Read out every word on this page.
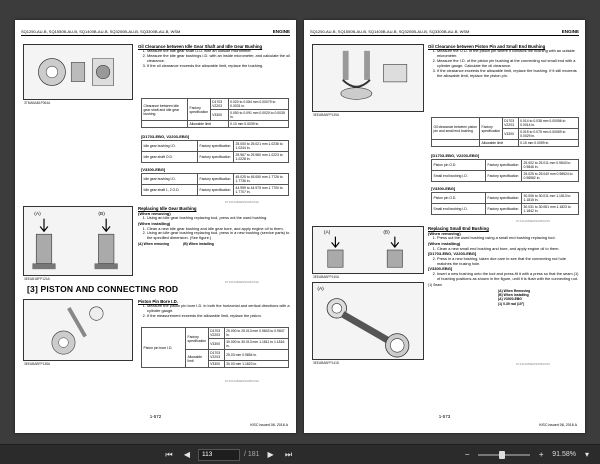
SQ1250-AU-B, SQ1550B-AU-B, SQ1400B-AU-B, SQ3200B-AU-B, SQ3300B-AU-B, WSM	ENGINE
3TMABAB1P064A
Oil Clearance between Idle Gear Shaft and Idle Gear Bushing
1. Measure the idle gear shaft O.D. with an outside micrometer.
2. Measure the idle gear bushings I.D. with an inside micrometer, and calculate the oil clearance.
3. If the oil clearance exceeds the allowable limit, replace the bushing.
Clearance between idle gear shaft and idle gear bushing	Factory specification	D1703 V2203	0.020 to 0.084 mm 0.00079 to 0.0031 in.
		V3300	0.050 to 0.091 mm 0.0020 to 0.0035 in.
	Allowable limit		0.10 mm 0.0039 in.
[D1703-EBG, V2203-EBG]
Idle gear bushing I.D.	Factory specification	25.000 to 25.021 mm 1.0236 to 1.0244 in.
Idle gear shaft O.D.	Factory specification	25.967 to 25.980 mm 1.0223 to 1.0228 in.
[V3300-EBG]
Idle gear bushing I.D.	Factory specification	45.025 to 45.050 mm 1.7726 to 1.7736 in.
Idle gear shaft 1, 2 O.D.	Factory specification	44.959 to 44.975 mm 1.7700 to 1.7707 in.
9Y1211060ENS0043US0
(A)	(B)
3EEAB1BFP124A
Replacing Idle Gear Bushing
(When removing)
1. Using an idle gear bushing replacing tool, press out the used bushing.
(When installing)
1. Clean a new idle gear bushing and idle gear bore, and apply engine oil to them.
2. Using an idle gear bushing replacing tool, press in a new bushing (service parts) to the specified dimension. (See figure.)
(A) When removing	(B) When installing
9Y1211060ENS0044US0
[3] PISTON AND CONNECTING ROD
3EEABABFP138A
Piston Pin Bore I.D.
1. Measure the piston pin bore I.D. in both the horizontal and vertical directions with a cylinder gauge.
2. If the measurement exceeds the allowable limit, replace the piston.
Piston pin bore I.D.	Factory specification	D1703 V2203	25.000 to 25.013 mm 0.9843 to 0.9847 in.
		V3300	30.000 to 30.013 mm 1.1811 to 1.1816 in.
	Allowable limit	D1703 V2203	25.03 mm 0.9854 in.
		V3300	30.03 mm 1.1823 in.
9Y1211060ENS0052US0
1-572
KiSC issued 08, 2016 A
SQ1250-AU-B, SQ1550B-AU-B, SQ1400B-AU-B, SQ3200B-AU-B, SQ3300B-AU-B, WSM	ENGINE
3EEABABFP139A
Oil Clearance between Piston Pin and Small End Bushing
1. Measure the O.D. of the piston pin where it contacts the bushing with an outside micrometer.
2. Measure the I.D. of the piston pin bushing at the connecting rod small end with a cylinder gauge. Calculate the oil clearance.
3. If the clearance exceeds the allowable limit, replace the bushing. If it still exceeds the allowable limit, replace the piston pin.
Oil clearance between piston pin and small end bushing	Factory specification	D1703 V2203	0.014 to 0.038 mm 0.00056 to 0.0014 in.
		V3300	0.015 to 0.075 mm 0.00059 to 0.0029 in.
	Allowable limit		0.15 mm 0.0059 in.
[D1703-EBG, V2203-EBG]
Piston pin O.D.	Factory specification	25.002 to 25.011 mm 0.9843 to 0.9846 in.
Small end bushing I.D.	Factory specification	25.025 to 25.040 mm 0.98524 to 0.98582 in.
[V3300-EBG]
Piston pin O.D.	Factory specification	30.006 to 30.011 mm 1.1813 to 1.1815 in.
Small end bushing I.D.	Factory specification	30.031 to 30.081 mm 1.1823 to 1.1842 in.
9Y1211060ENS0053US0
(A)	(B)
3EEABABFP140A
(A)
3EEABABFP141D
Replacing Small End Bushing
(When removing)
1. Press out the used bushing using a small end bushing replacing tool.
(When installing)
1. Clean a new small end bushing and bore, and apply engine oil to them.
[D1703-EBG, V2203-EBG]
2. Press in a new bushing, taken due care to see that the connecting rod hole matches the busing hole.
[V3300-EBG]
2. Insert a new bushing onto the tool and press-fit it with a press so that the seam (1) of bushing positions as shown in the figure, until it is flush with the connecting rod.
(1) Seam
(A) When Removing
(B) When installing
(A) V3300-EBG
(1) 0.39 rad (10°)
9Y1211060ENS0054US0
1-573
KiSC issued 08, 2016 A
⏮	◀
113	/ 181 ▶	⏭	−	+	91.58%	▾
